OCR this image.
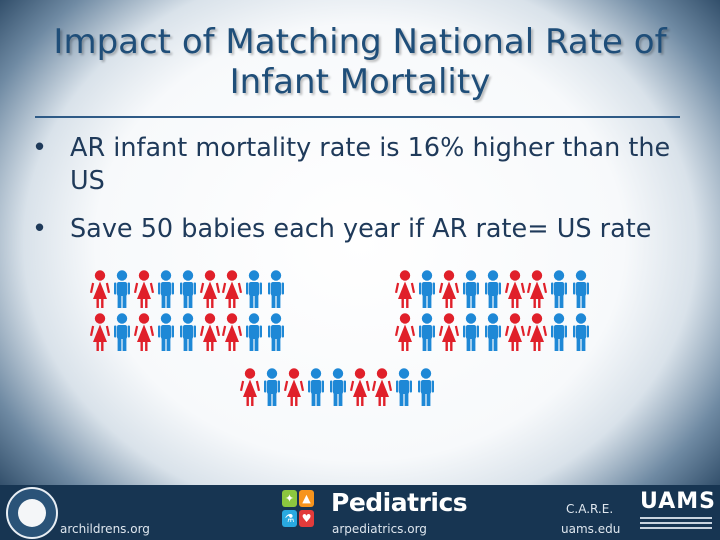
Impact of Matching National Rate of
Infant Mortality
• AR infant mortality rate is 16% higher than the US
• Save 50 babies each year if AR rate= US rate
archildrens.org
✦ ▲
⚗ ♥
Pediatrics
arpediatrics.org
C.A.R.E.
uams.edu
UAMS
